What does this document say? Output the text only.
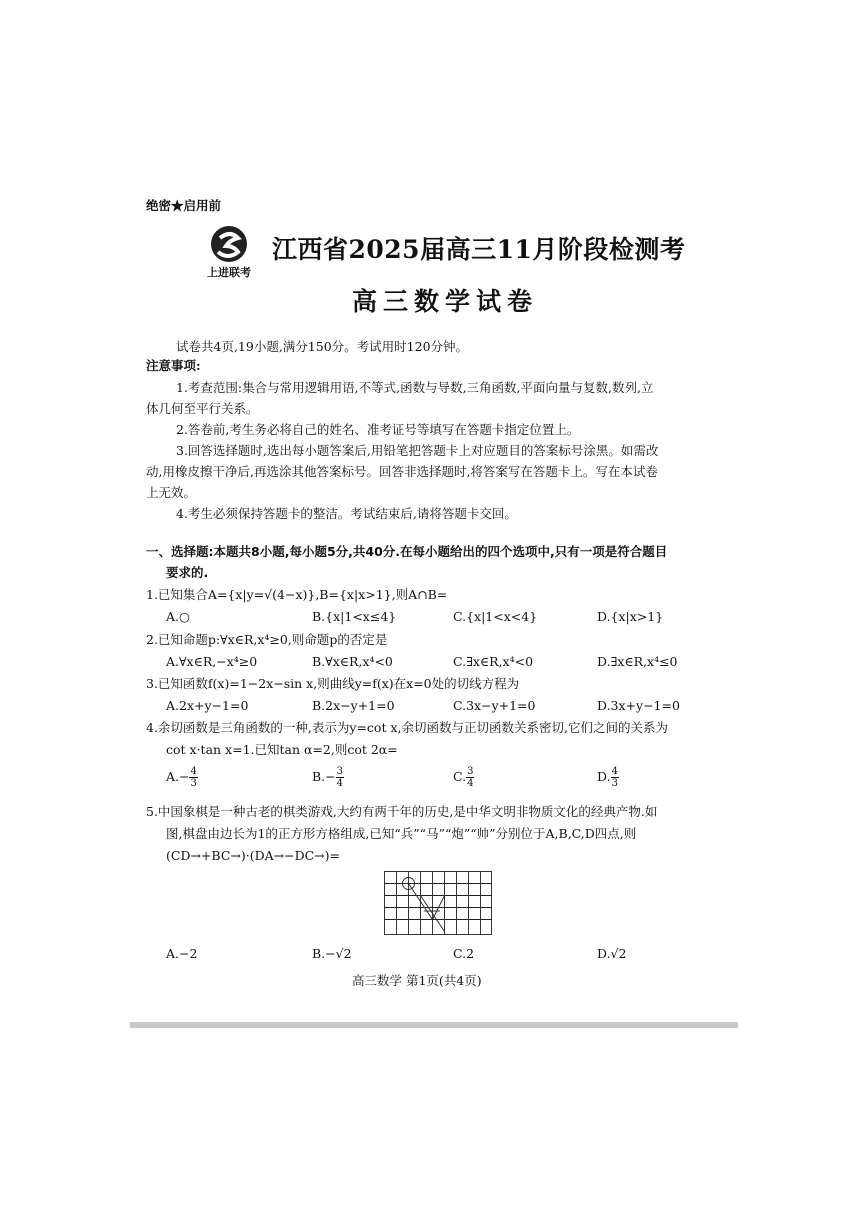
绝密★启用前
上进联考
江西省2025届高三11月阶段检测考
高三数学试卷
试卷共4页,19小题,满分150分。考试用时120分钟。
注意事项:
1.考查范围:集合与常用逻辑用语,不等式,函数与导数,三角函数,平面向量与复数,数列,立
体几何至平行关系。
2.答卷前,考生务必将自己的姓名、准考证号等填写在答题卡指定位置上。
3.回答选择题时,选出每小题答案后,用铅笔把答题卡上对应题目的答案标号涂黑。如需改
动,用橡皮擦干净后,再选涂其他答案标号。回答非选择题时,将答案写在答题卡上。写在本试卷
上无效。
4.考生必须保持答题卡的整洁。考试结束后,请将答题卡交回。
一、选择题:本题共8小题,每小题5分,共40分.在每小题给出的四个选项中,只有一项是符合题目
要求的.
1.已知集合A={x|y=√(4−x)},B={x|x>1},则A∩B=
A.○	B.{x|1<x≤4}	C.{x|1<x<4}	D.{x|x>1}
2.已知命题p:∀x∈R,x⁴≥0,则命题p的否定是
A.∀x∈R,−x⁴≥0	B.∀x∈R,x⁴<0	C.∃x∈R,x⁴<0	D.∃x∈R,x⁴≤0
3.已知函数f(x)=1−2x−sin x,则曲线y=f(x)在x=0处的切线方程为
A.2x+y−1=0	B.2x−y+1=0	C.3x−y+1=0	D.3x+y−1=0
4.余切函数是三角函数的一种,表示为y=cot x,余切函数与正切函数关系密切,它们之间的关系为
cot x·tan x=1.已知tan α=2,则cot 2α=
$A.- \frac{4}{3}$	$B.- \frac{3}{4}$	C. $\frac{3}{4}$	D. $\frac{4}{3}$
5.中国象棋是一种古老的棋类游戏,大约有两千年的历史,是中华文明非物质文化的经典产物.如
图,棋盘由边长为1的正方形方格组成,已知“兵”“马”“炮”“帅”分别位于A,B,C,D四点,则
(CD→+BC→)·(DA→−DC→)=
A.−2	B.−√2	C.2	D.√2
高三数学 第1页(共4页)
